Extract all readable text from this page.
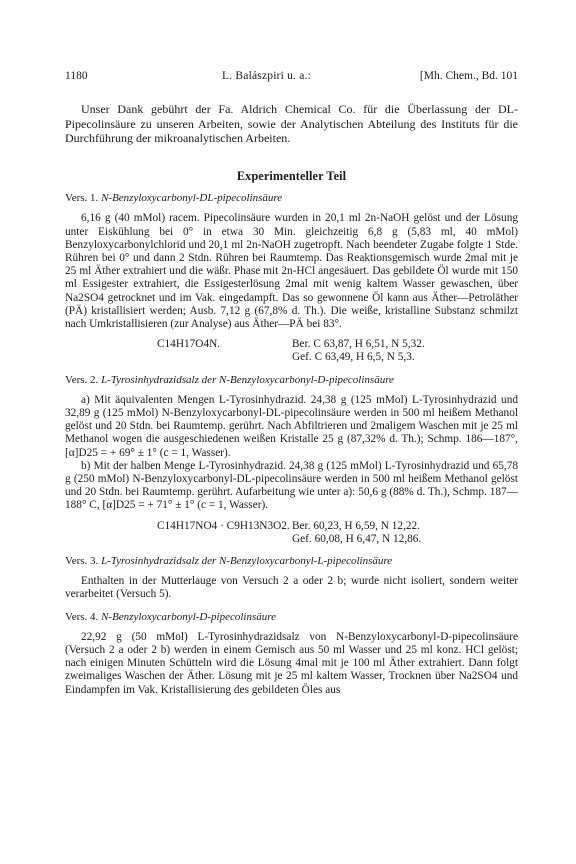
1180	L. Balászpiri u. a.:	[Mh. Chem., Bd. 101

Unser Dank gebührt der Fa. Aldrich Chemical Co. für die Überlassung der DL-Pipecolinsäure zu unseren Arbeiten, sowie der Analytischen Abteilung des Instituts für die Durchführung der mikroanalytischen Arbeiten.

Experimenteller Teil
Vers. 1. N-Benzyloxycarbonyl-DL-pipecolinsäure

6,16 g (40 mMol) racem. Pipecolinsäure wurden in 20,1 ml 2n-NaOH gelöst und der Lösung unter Eiskühlung bei 0° in etwa 30 Min. gleichzeitig 6,8 g (5,83 ml, 40 mMol) Benzyloxycarbonylchlorid und 20,1 ml 2n-NaOH zugetropft. Nach beendeter Zugabe folgte 1 Stde. Rühren bei 0° und dann 2 Stdn. Rühren bei Raumtemp. Das Reaktionsgemisch wurde 2mal mit je 25 ml Äther extrahiert und die wäßr. Phase mit 2n-HCl angesäuert. Das gebildete Öl wurde mit 150 ml Essigester extrahiert, die Essigesterlösung 2mal mit wenig kaltem Wasser gewaschen, über Na2SO4 getrocknet und im Vak. eingedampft. Das so gewonnene Öl kann aus Äther—Petroläther (PÄ) kristallisiert werden; Ausb. 7,12 g (67,8% d. Th.). Die weiße, kristalline Substanz schmilzt nach Umkristallisieren (zur Analyse) aus Äther—PÄ bei 83°.

C14H17O4N.	Ber. C 63,87, H 6,51, N 5,32.
Gef. C 63,49, H 6,5, N 5,3.
Vers. 2. L-Tyrosinhydrazidsalz der N-Benzyloxycarbonyl-D-pipecolinsäure

a) Mit äquivalenten Mengen L-Tyrosinhydrazid. 24,38 g (125 mMol) L-Tyrosinhydrazid und 32,89 g (125 mMol) N-Benzyloxycarbonyl-DL-pipecolinsäure werden in 500 ml heißem Methanol gelöst und 20 Stdn. bei Raumtemp. gerührt. Nach Abfiltrieren und 2maligem Waschen mit je 25 ml Methanol wogen die ausgeschiedenen weißen Kristalle 25 g (87,32% d. Th.); Schmp. 186—187°, [α]D25 = + 69° ± 1° (c = 1, Wasser).

b) Mit der halben Menge L-Tyrosinhydrazid. 24,38 g (125 mMol) L-Tyrosinhydrazid und 65,78 g (250 mMol) N-Benzyloxycarbonyl-DL-pipecolinsäure werden in 500 ml heißem Methanol gelöst und 20 Stdn. bei Raumtemp. gerührt. Aufarbeitung wie unter a): 50,6 g (88% d. Th.), Schmp. 187—188° C, [α]D25 = + 71° ± 1° (c = 1, Wasser).

C14H17NO4 · C9H13N3O2. Ber. 60,23, H 6,59, N 12,22.
Gef. 60,08, H 6,47, N 12,86.
Vers. 3. L-Tyrosinhydrazidsalz der N-Benzyloxycarbonyl-L-pipecolinsäure

Enthalten in der Mutterlauge von Versuch 2 a oder 2 b; wurde nicht isoliert, sondern weiter verarbeitet (Versuch 5).

Vers. 4. N-Benzyloxycarbonyl-D-pipecolinsäure

22,92 g (50 mMol) L-Tyrosinhydrazidsalz von N-Benzyloxycarbonyl-D-pipecolinsäure (Versuch 2 a oder 2 b) werden in einem Gemisch aus 50 ml Wasser und 25 ml konz. HCl gelöst; nach einigen Minuten Schütteln wird die Lösung 4mal mit je 100 ml Äther extrahiert. Dann folgt zweimaliges Waschen der Äther. Lösung mit je 25 ml kaltem Wasser, Trocknen über Na2SO4 und Eindampfen im Vak. Kristallisierung des gebildeten Öles aus
